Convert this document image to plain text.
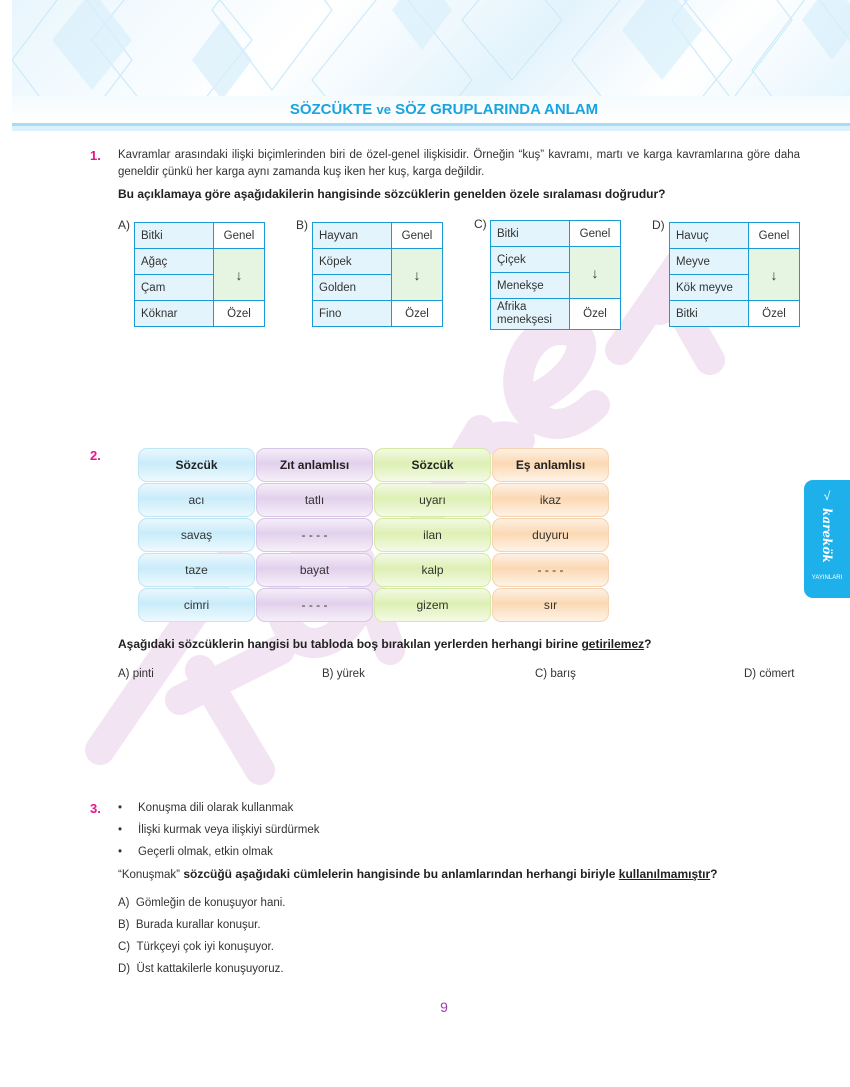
SÖZCÜKTE ve SÖZ GRUPLARINDA ANLAM
1. Kavramlar arasındaki ilişki biçimlerinden biri de özel-genel ilişkisidir. Örneğin “kuş” kavramı, martı ve karga kavramlarına göre daha geneldir çünkü her karga aynı zamanda kuş iken her kuş, karga değildir.
Bu açıklamaya göre aşağıdakilerin hangisinde sözcüklerin genelden özele sıralaması doğrudur?
A)
Bitki	Genel
Ağaç	↓
Çam	
Köknar	Özel
B)
Hayvan	Genel
Köpek	↓
Golden	
Fino	Özel
C)
Bitki	Genel
Çiçek	↓
Menekşe	
Afrika menekşesi	Özel
D)
Havuç	Genel
Meyve	↓
Kök meyve	
Bitki	Özel
2.
Sözcük	Zıt anlamlısı	Sözcük	Eş anlamlısı
acı	tatlı	uyarı	ikaz
savaş	- - - -	ilan	duyuru
taze	bayat	kalp	- - - -
cimri	- - - -	gizem	sır
Aşağıdaki sözcüklerin hangisi bu tabloda boş bırakılan yerlerden herhangi birine getirilemez?
A) pinti	B) yürek	C) barış	D) cömert
3. • Konuşma dili olarak kullanmak
• İlişki kurmak veya ilişkiyi sürdürmek
• Geçerli olmak, etkin olmak
“Konuşmak” sözcüğü aşağıdaki cümlelerin hangisinde bu anlamlarından herhangi biriyle kullanılmamıştır?
A) Gömleğin de konuşuyor hani.
B) Burada kurallar konuşur.
C) Türkçeyi çok iyi konuşuyor.
D) Üst kattakilerle konuşuyoruz.
√
karekök
YAYINLARI
9
